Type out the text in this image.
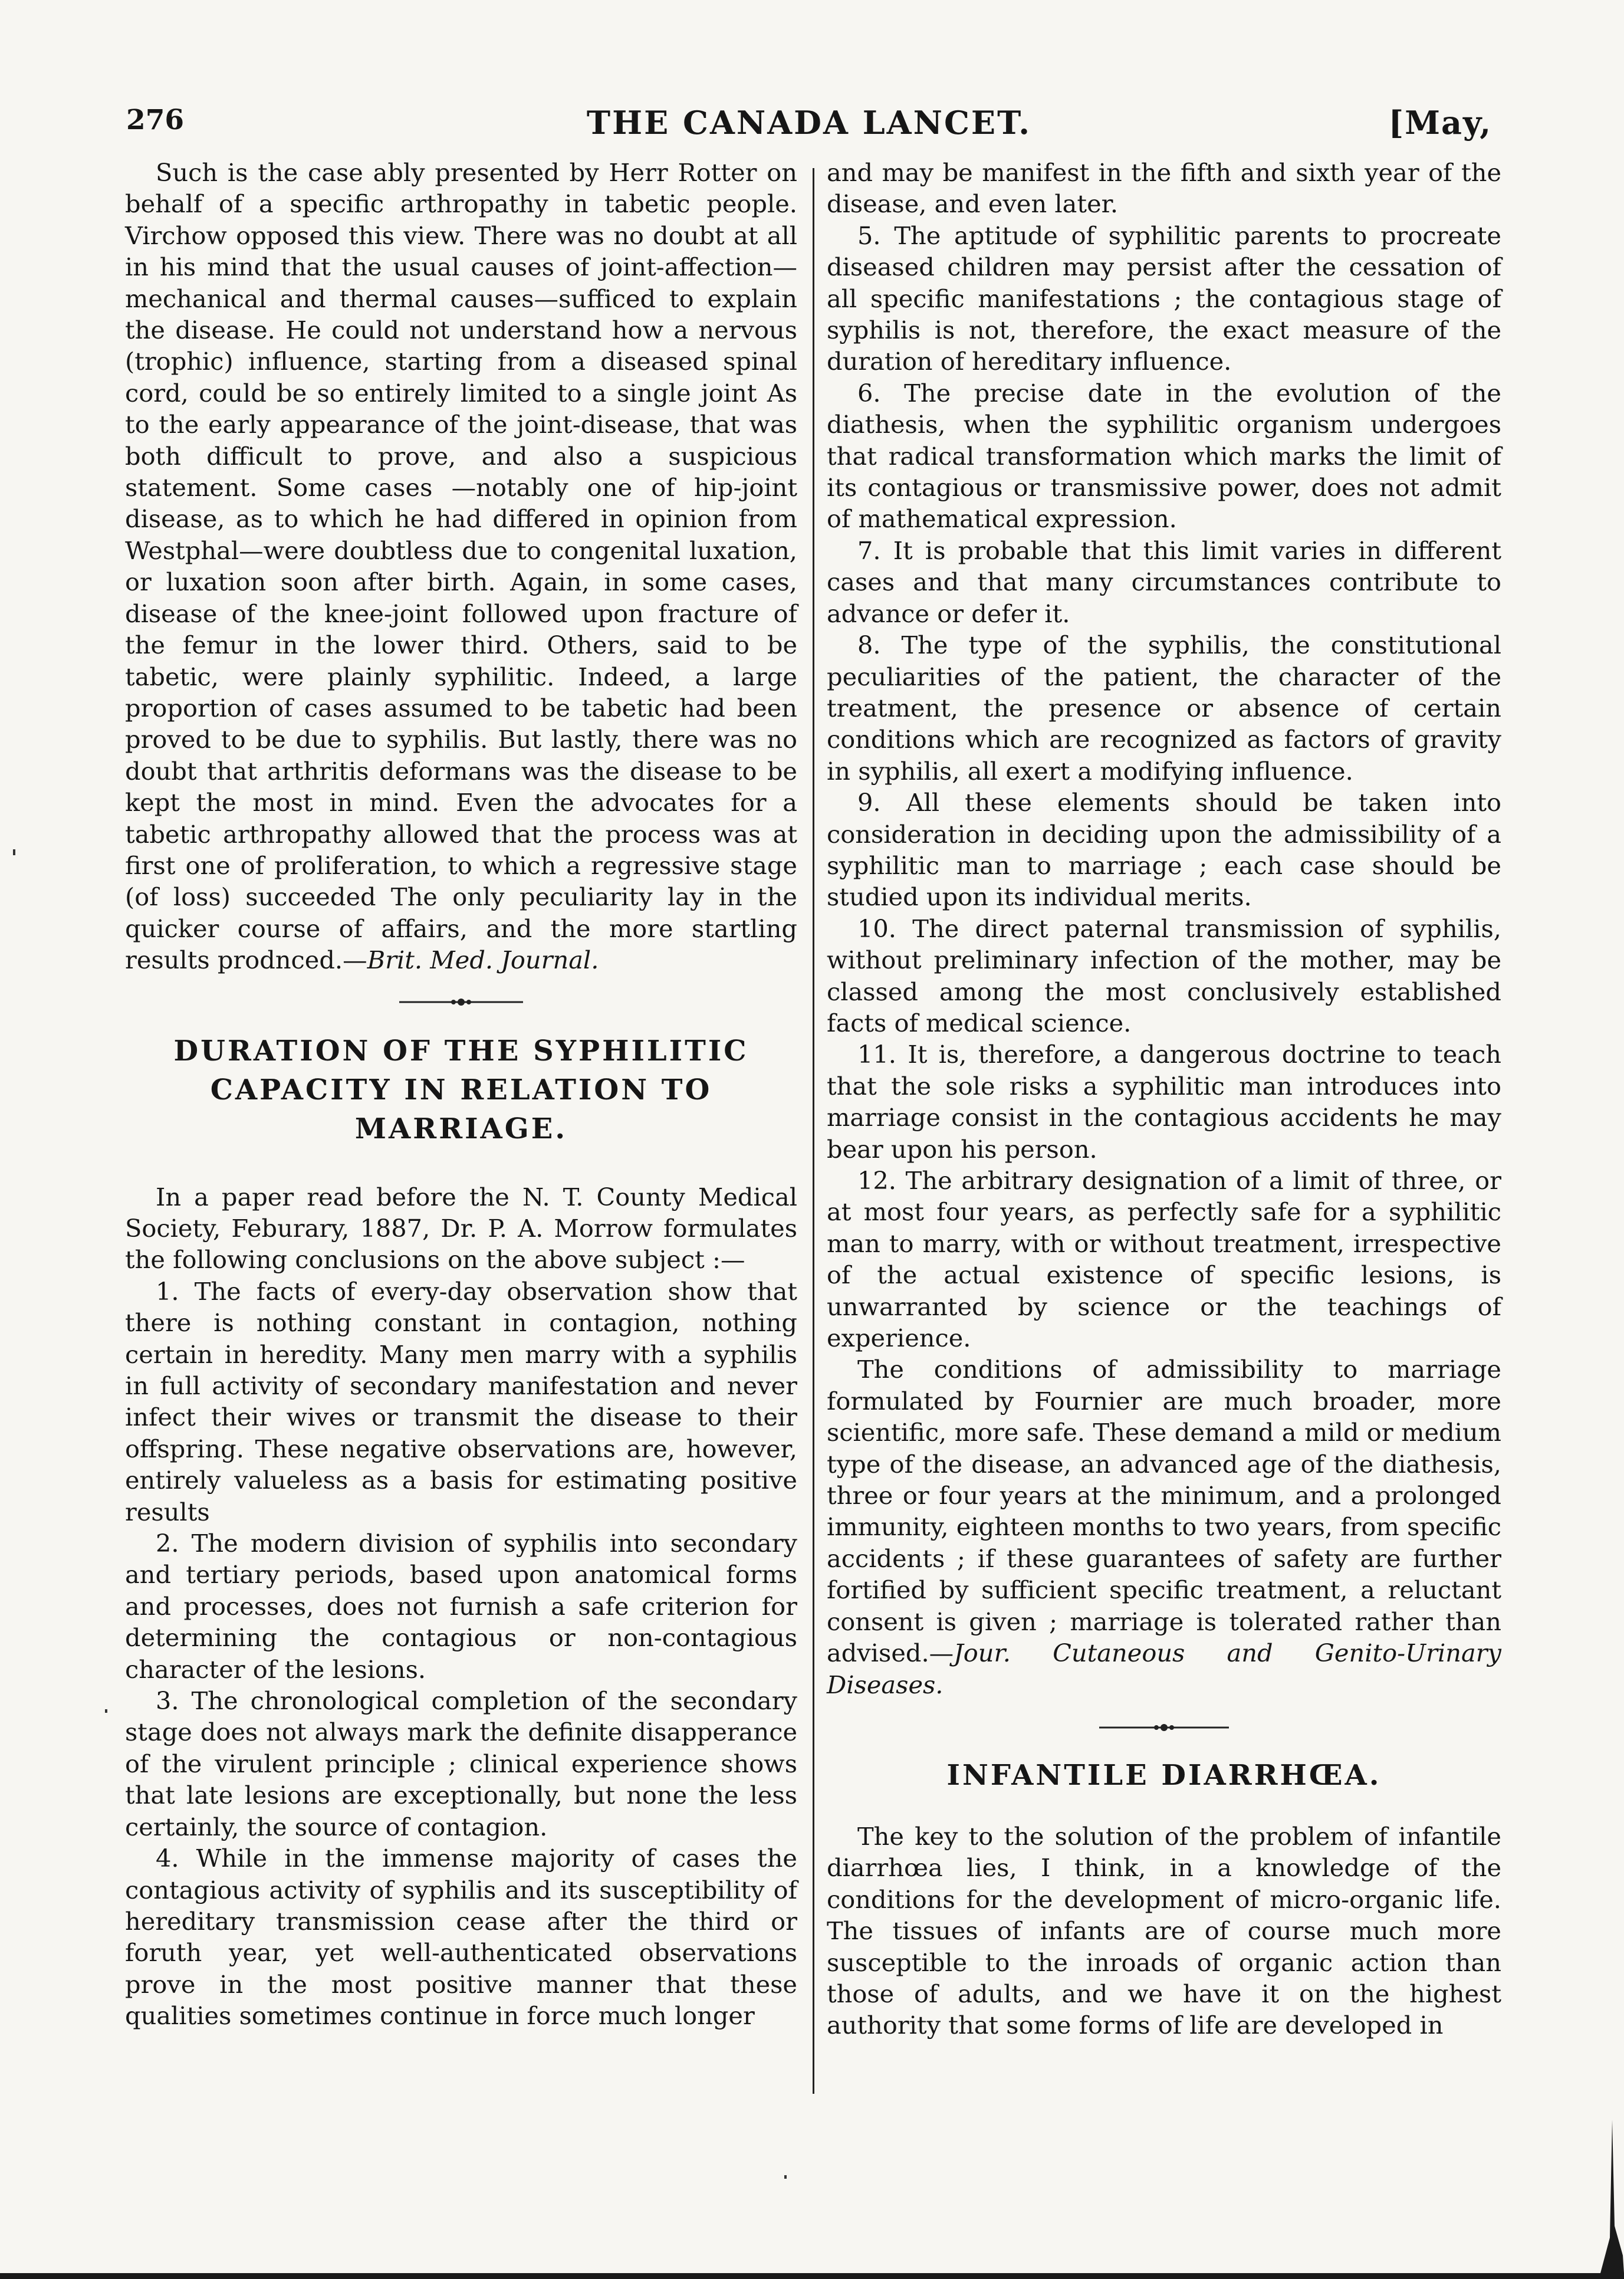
276	THE CANADA LANCET.	[May,

Such is the case ably presented by Herr Rotter on behalf of a specific arthropathy in tabetic people. Virchow opposed this view. There was no doubt at all in his mind that the usual causes of joint-affection—mechanical and thermal causes—sufficed to explain the disease. He could not understand how a nervous (trophic) influence, starting from a diseased spinal cord, could be so entirely limited to a single joint As to the early appearance of the joint-disease, that was both difficult to prove, and also a suspicious statement. Some cases —notably one of hip-joint disease, as to which he had differed in opinion from Westphal—were doubtless due to congenital luxation, or luxation soon after birth. Again, in some cases, disease of the knee-joint followed upon fracture of the femur in the lower third. Others, said to be tabetic, were plainly syphilitic. Indeed, a large proportion of cases assumed to be tabetic had been proved to be due to syphilis. But lastly, there was no doubt that arthritis deformans was the disease to be kept the most in mind. Even the advocates for a tabetic arthropathy allowed that the process was at first one of proliferation, to which a regressive stage (of loss) succeeded The only peculiarity lay in the quicker course of affairs, and the more startling results prodnced.—Brit. Med. Journal.

DURATION OF THE SYPHILITIC CAPACITY IN RELATION TO MARRIAGE.

In a paper read before the N. T. County Medical Society, Feburary, 1887, Dr. P. A. Morrow formulates the following conclusions on the above subject :—

1. The facts of every-day observation show that there is nothing constant in contagion, nothing certain in heredity. Many men marry with a syphilis in full activity of secondary manifestation and never infect their wives or transmit the disease to their offspring. These negative observations are, however, entirely valueless as a basis for estimating positive results

2. The modern division of syphilis into secondary and tertiary periods, based upon anatomical forms and processes, does not furnish a safe criterion for determining the contagious or non-contagious character of the lesions.

3. The chronological completion of the secondary stage does not always mark the definite disapperance of the virulent principle ; clinical experience shows that late lesions are exceptionally, but none the less certainly, the source of contagion.

4. While in the immense majority of cases the contagious activity of syphilis and its susceptibility of hereditary transmission cease after the third or foruth year, yet well-authenticated observations prove in the most positive manner that these qualities sometimes continue in force much longer

and may be manifest in the fifth and sixth year of the disease, and even later.

5. The aptitude of syphilitic parents to procreate diseased children may persist after the cessation of all specific manifestations ; the contagious stage of syphilis is not, therefore, the exact measure of the duration of hereditary influence.

6. The precise date in the evolution of the diathesis, when the syphilitic organism undergoes that radical transformation which marks the limit of its contagious or transmissive power, does not admit of mathematical expression.

7. It is probable that this limit varies in different cases and that many circumstances contribute to advance or defer it.

8. The type of the syphilis, the constitutional peculiarities of the patient, the character of the treatment, the presence or absence of certain conditions which are recognized as factors of gravity in syphilis, all exert a modifying influence.

9. All these elements should be taken into consideration in deciding upon the admissibility of a syphilitic man to marriage ; each case should be studied upon its individual merits.

10. The direct paternal transmission of syphilis, without preliminary infection of the mother, may be classed among the most conclusively established facts of medical science.

11. It is, therefore, a dangerous doctrine to teach that the sole risks a syphilitic man introduces into marriage consist in the contagious accidents he may bear upon his person.

12. The arbitrary designation of a limit of three, or at most four years, as perfectly safe for a syphilitic man to marry, with or without treatment, irrespective of the actual existence of specific lesions, is unwarranted by science or the teachings of experience.

The conditions of admissibility to marriage formulated by Fournier are much broader, more scientific, more safe. These demand a mild or medium type of the disease, an advanced age of the diathesis, three or four years at the minimum, and a prolonged immunity, eighteen months to two years, from specific accidents ; if these guarantees of safety are further fortified by sufficient specific treatment, a reluctant consent is given ; marriage is tolerated rather than advised.—Jour. Cutaneous and Genito-Urinary Diseases.

INFANTILE DIARRHŒA.

The key to the solution of the problem of infantile diarrhœa lies, I think, in a knowledge of the conditions for the development of micro-organic life. The tissues of infants are of course much more susceptible to the inroads of organic action than those of adults, and we have it on the highest authority that some forms of life are developed in
